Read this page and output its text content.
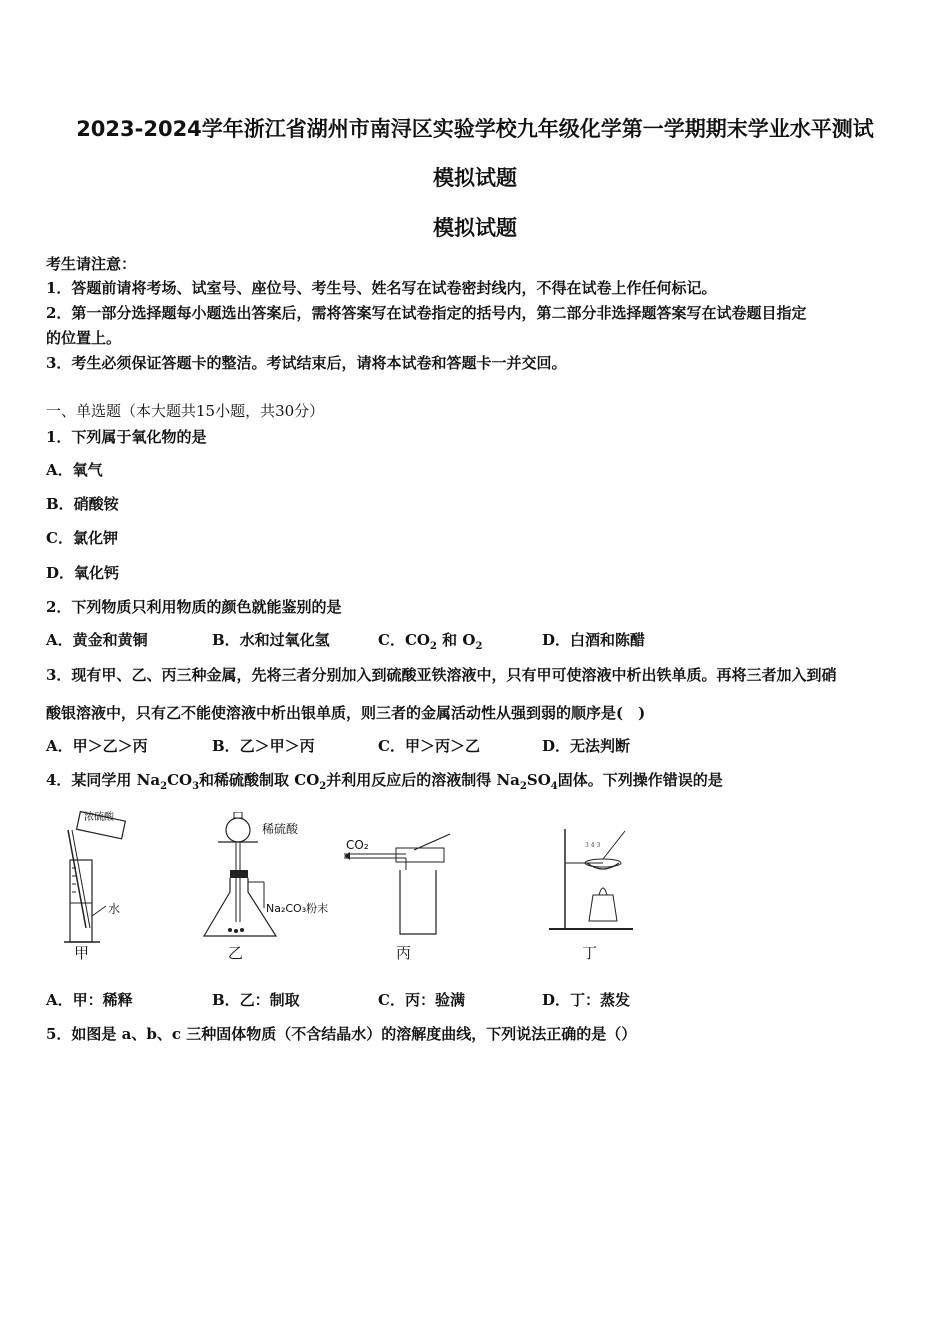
2023-2024学年浙江省湖州市南浔区实验学校九年级化学第一学期期末学业水平测试
模拟试题
模拟试题
考生请注意：
1．答题前请将考场、试室号、座位号、考生号、姓名写在试卷密封线内，不得在试卷上作任何标记。
2．第一部分选择题每小题选出答案后，需将答案写在试卷指定的括号内，第二部分非选择题答案写在试卷题目指定
的位置上。
3．考生必须保证答题卡的整洁。考试结束后，请将本试卷和答题卡一并交回。
一、单选题（本大题共15小题，共30分）
1．下列属于氧化物的是
A．氧气
B．硝酸铵
C．氯化钾
D．氧化钙
2．下列物质只利用物质的颜色就能鉴别的是
A．黄金和黄铜	B．水和过氧化氢	C．$CO_2$ 和 $O_2$	D．白酒和陈醋
3．现有甲、乙、丙三种金属，先将三者分别加入到硫酸亚铁溶液中，只有甲可使溶液中析出铁单质。再将三者加入到硝
酸银溶液中，只有乙不能使溶液中析出银单质，则三者的金属活动性从强到弱的顺序是(　)
A．甲＞乙＞丙	B．乙＞甲＞丙	C．甲＞丙＞乙	D．无法判断
4．某同学用 $Na_2CO_3$和稀硫酸制取 $CO_2$并利用反应后的溶液制得 $Na_2SO_4$固体。下列操作错误的是
浓硫酸
水
甲
稀硫酸
Na₂CO₃粉末
乙
CO₂
丙
3 4 3
丁
A．甲：稀释	B．乙：制取	C．丙：验满	D．丁：蒸发
5．如图是 a、b、c 三种固体物质（不含结晶水）的溶解度曲线，下列说法正确的是（）
